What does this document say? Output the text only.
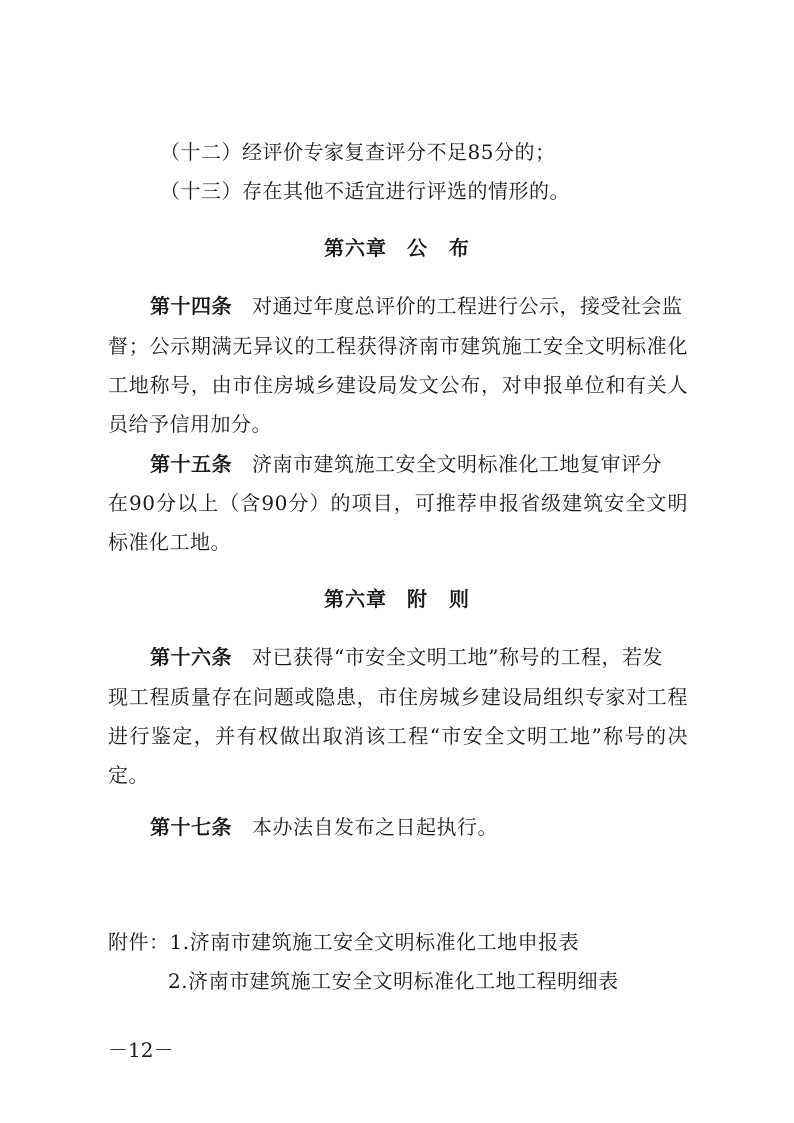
（十二）经评价专家复查评分不足85分的；
（十三）存在其他不适宜进行评选的情形的。
第六章 公　布
第十四条 对通过年度总评价的工程进行公示，接受社会监
督；公示期满无异议的工程获得济南市建筑施工安全文明标准化
工地称号，由市住房城乡建设局发文公布，对申报单位和有关人
员给予信用加分。
第十五条 济南市建筑施工安全文明标准化工地复审评分
在90分以上（含90分）的项目，可推荐申报省级建筑安全文明
标准化工地。
第六章 附　则
第十六条 对已获得“市安全文明工地”称号的工程，若发
现工程质量存在问题或隐患，市住房城乡建设局组织专家对工程
进行鉴定，并有权做出取消该工程“市安全文明工地”称号的决
定。
第十七条 本办法自发布之日起执行。
附件：1.济南市建筑施工安全文明标准化工地申报表
2.济南市建筑施工安全文明标准化工地工程明细表
－12－
